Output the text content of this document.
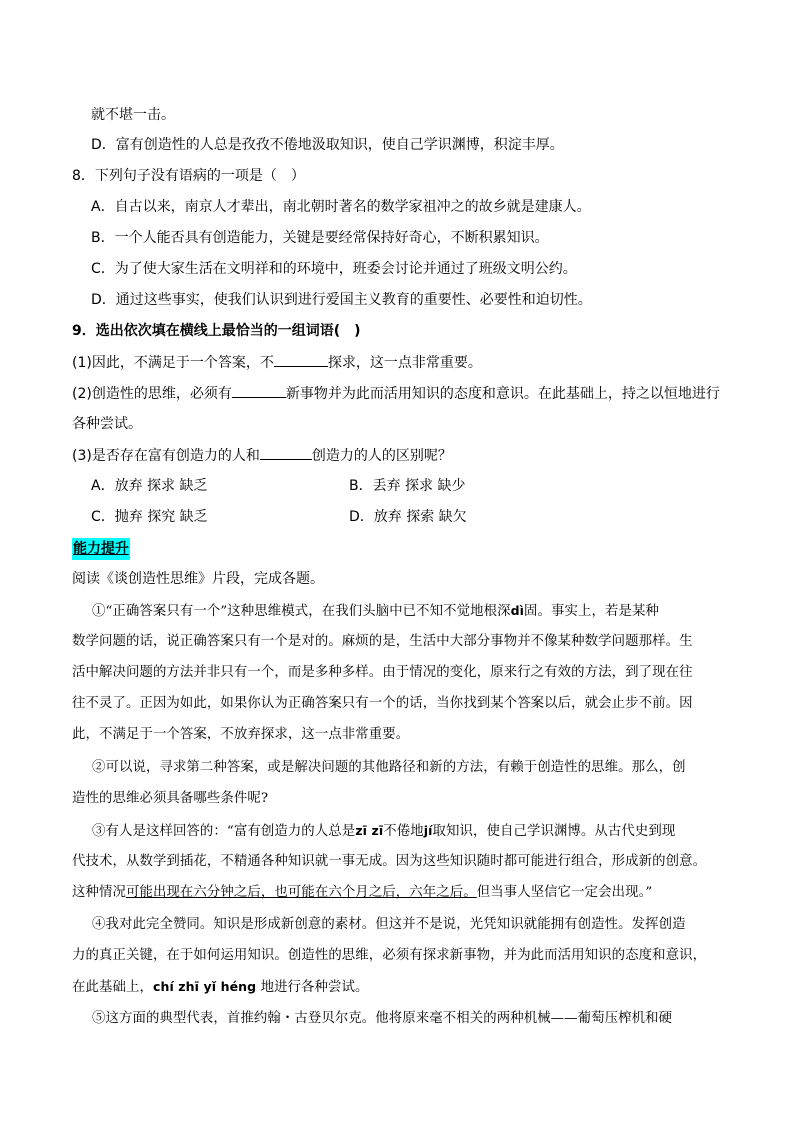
就不堪一击。
D．富有创造性的人总是孜孜不倦地汲取知识，使自己学识渊博，积淀丰厚。
8．下列句子没有语病的一项是（　）
A．自古以来，南京人才辈出，南北朝时著名的数学家祖冲之的故乡就是建康人。
B．一个人能否具有创造能力，关键是要经常保持好奇心，不断积累知识。
C．为了使大家生活在文明祥和的环境中，班委会讨论并通过了班级文明公约。
D．通过这些事实，使我们认识到进行爱国主义教育的重要性、必要性和迫切性。
9．选出依次填在横线上最恰当的一组词语(　)
(1)因此，不满足于一个答案，不	探求，这一点非常重要。
(2)创造性的思维，必须有	新事物并为此而活用知识的态度和意识。在此基础上，持之以恒地进行
各种尝试。
(3)是否存在富有创造力的人和	创造力的人的区别呢？
A．放弃 探求 缺乏	B．丢弃 探求 缺少
C．抛弃 探究 缺乏	D．放弃 探索 缺欠
能力提升
阅读《谈创造性思维》片段，完成各题。
①“正确答案只有一个”这种思维模式，在我们头脑中已不知不觉地根深dì固。事实上，若是某种
数学问题的话，说正确答案只有一个是对的。麻烦的是，生活中大部分事物并不像某种数学问题那样。生
活中解决问题的方法并非只有一个，而是多种多样。由于情况的变化，原来行之有效的方法，到了现在往
往不灵了。正因为如此，如果你认为正确答案只有一个的话，当你找到某个答案以后，就会止步不前。因
此，不满足于一个答案，不放弃探求，这一点非常重要。
②可以说，寻求第二种答案，或是解决问题的其他路径和新的方法，有赖于创造性的思维。那么，创
造性的思维必须具备哪些条件呢?
③有人是这样回答的：“富有创造力的人总是zī zī不倦地jí取知识，使自己学识渊博。从古代史到现
代技术，从数学到插花，不精通各种知识就一事无成。因为这些知识随时都可能进行组合，形成新的创意。
这种情况可能出现在六分钟之后，也可能在六个月之后，六年之后。但当事人坚信它一定会出现。”
④我对此完全赞同。知识是形成新创意的素材。但这并不是说，光凭知识就能拥有创造性。发挥创造
力的真正关键，在于如何运用知识。创造性的思维，必须有探求新事物，并为此而活用知识的态度和意识，
在此基础上，chí zhī yǐ héng 地进行各种尝试。
⑤这方面的典型代表，首推约翰・古登贝尔克。他将原来毫不相关的两种机械——葡萄压榨机和硬
